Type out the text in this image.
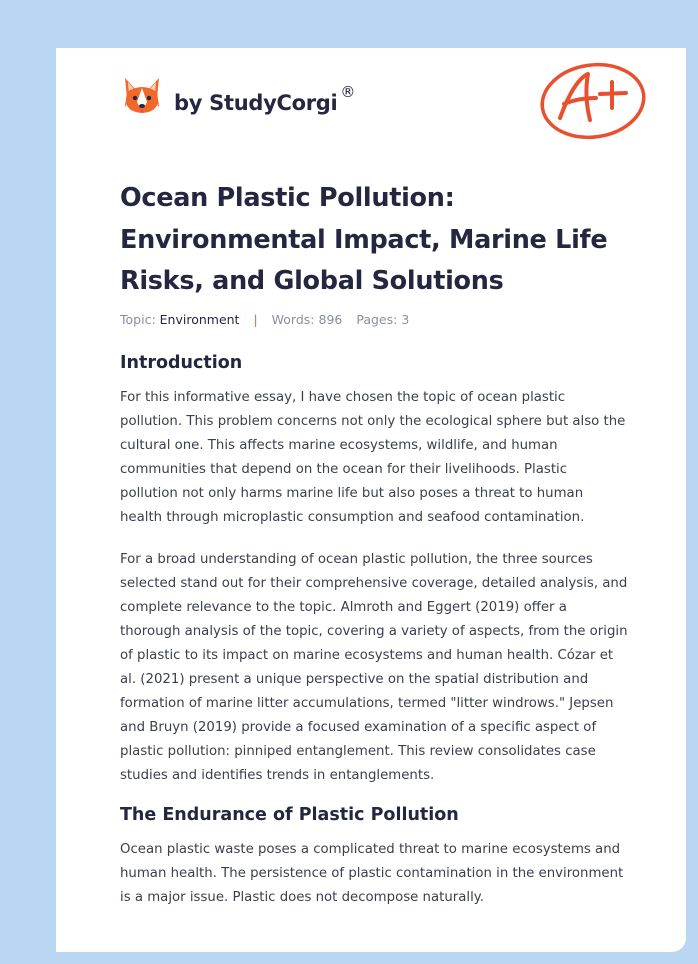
by StudyCorgi ®
Ocean Plastic Pollution: Environmental Impact, Marine Life Risks, and Global Solutions
Topic: Environment | Words: 896 Pages: 3
Introduction

For this informative essay, I have chosen the topic of ocean plastic pollution. This problem concerns not only the ecological sphere but also the cultural one. This affects marine ecosystems, wildlife, and human communities that depend on the ocean for their livelihoods. Plastic pollution not only harms marine life but also poses a threat to human health through microplastic consumption and seafood contamination.

For a broad understanding of ocean plastic pollution, the three sources selected stand out for their comprehensive coverage, detailed analysis, and complete relevance to the topic. Almroth and Eggert (2019) offer a thorough analysis of the topic, covering a variety of aspects, from the origin of plastic to its impact on marine ecosystems and human health. Cózar et al. (2021) present a unique perspective on the spatial distribution and formation of marine litter accumulations, termed "litter windrows." Jepsen and Bruyn (2019) provide a focused examination of a specific aspect of plastic pollution: pinniped entanglement. This review consolidates case studies and identifies trends in entanglements.

The Endurance of Plastic Pollution

Ocean plastic waste poses a complicated threat to marine ecosystems and human health. The persistence of plastic contamination in the environment is a major issue. Plastic does not decompose naturally.
